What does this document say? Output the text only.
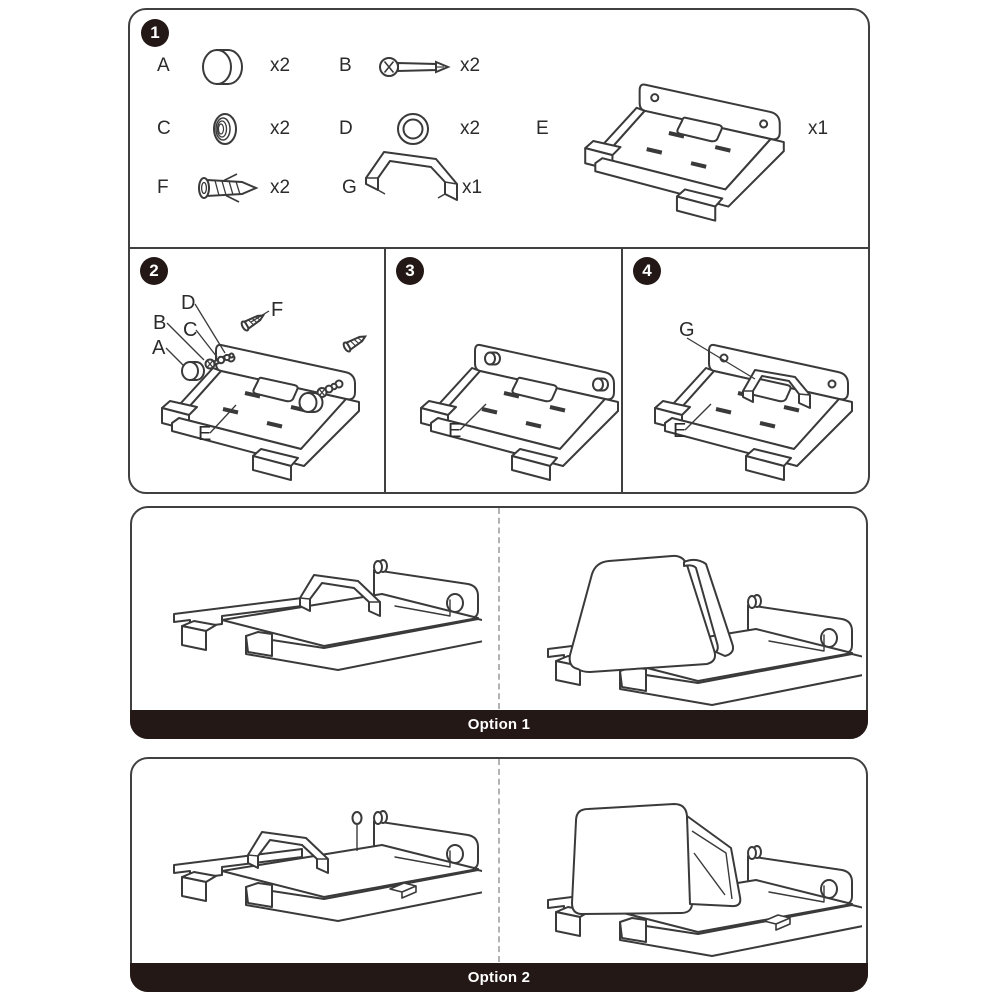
1
A	x2	B	x2
C	x2	D	x2
F	x2	G	x1
E	x1
2
A
B C
D	F
E
3
E
4
G
E
Option 1
Option 2
